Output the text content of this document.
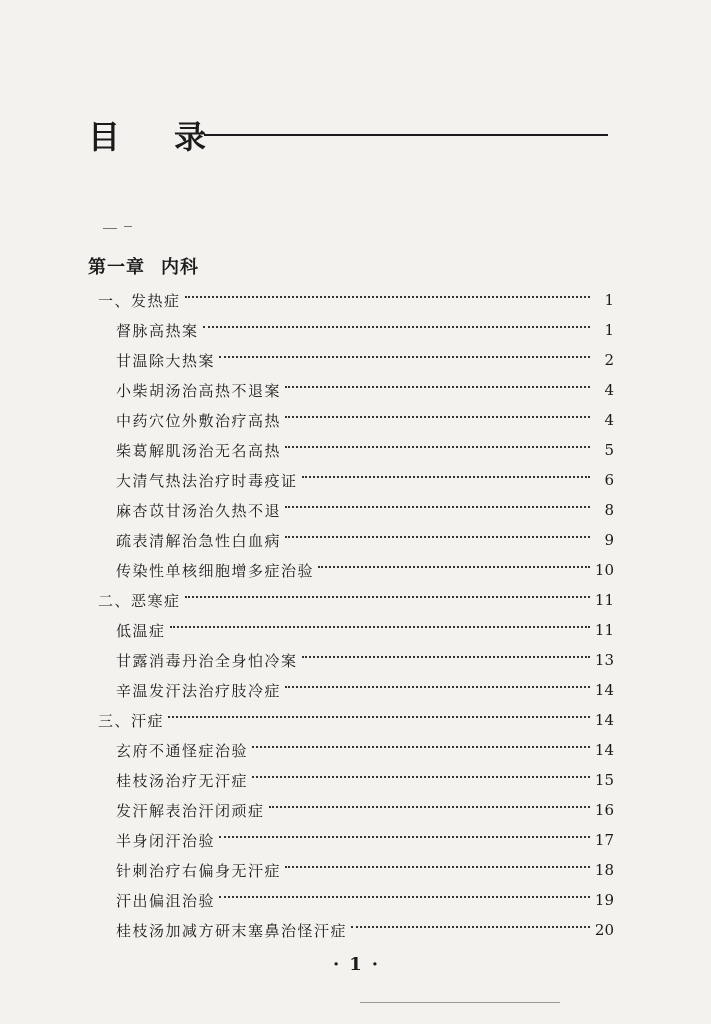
目 录
第一章 内科
一、发热症	1
督脉高热案	1
甘温除大热案	2
小柴胡汤治高热不退案	4
中药穴位外敷治疗高热	4
柴葛解肌汤治无名高热	5
大清气热法治疗时毒疫证	6
麻杏苡甘汤治久热不退	8
疏表清解治急性白血病	9
传染性单核细胞增多症治验	10
二、恶寒症	11
低温症	11
甘露消毒丹治全身怕冷案	13
辛温发汗法治疗肢冷症	14
三、汗症	14
玄府不通怪症治验	14
桂枝汤治疗无汗症	15
发汗解表治汗闭顽症	16
半身闭汗治验	17
针刺治疗右偏身无汗症	18
汗出偏沮治验	19
桂枝汤加减方研末塞鼻治怪汗症	20
· 1 ·
